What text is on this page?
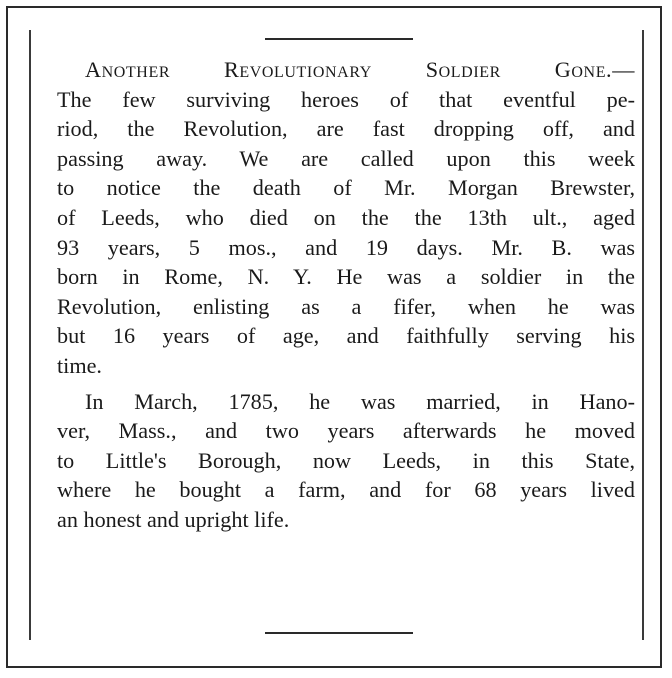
Another Revolutionary Soldier Gone.—
The few surviving heroes of that eventful pe-
riod, the Revolution, are fast dropping off, and
passing away. We are called upon this week
to notice the death of Mr. Morgan Brewster,
of Leeds, who died on the the 13th ult., aged
93 years, 5 mos., and 19 days. Mr. B. was
born in Rome, N. Y. He was a soldier in the
Revolution, enlisting as a fifer, when he was
but 16 years of age, and faithfully serving his
time.
In March, 1785, he was married, in Hano-
ver, Mass., and two years afterwards he moved
to Little's Borough, now Leeds, in this State,
where he bought a farm, and for 68 years lived
an honest and upright life.
